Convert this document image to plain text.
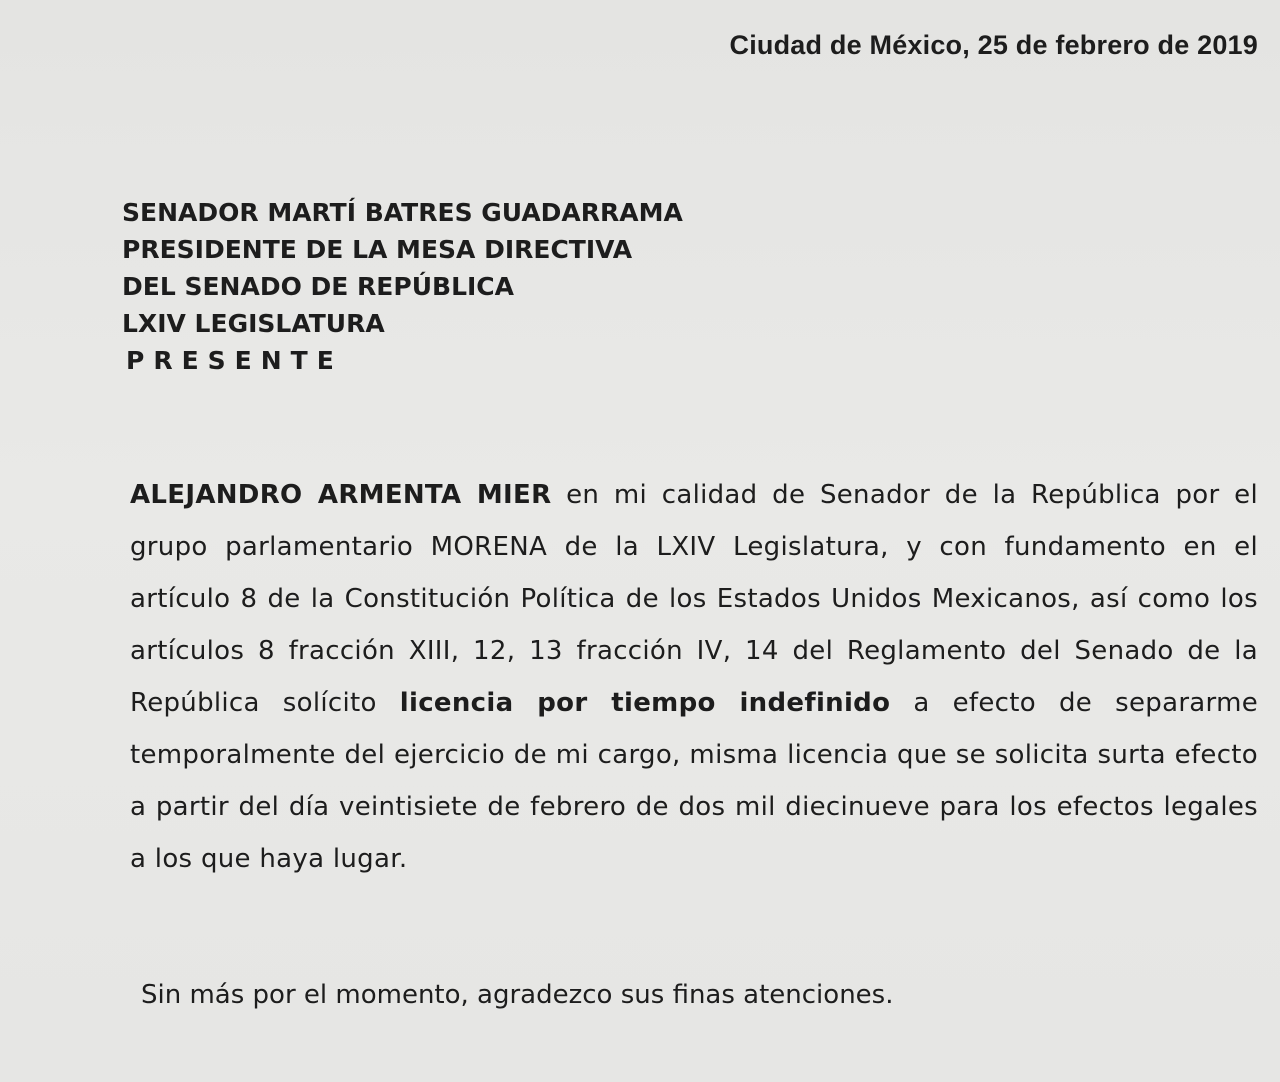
Ciudad de México, 25 de febrero de 2019
SENADOR MARTÍ BATRES GUADARRAMA
PRESIDENTE DE LA MESA DIRECTIVA
DEL SENADO DE REPÚBLICA
LXIV LEGISLATURA
PRESENTE
ALEJANDRO ARMENTA MIER en mi calidad de Senador de la República por el grupo parlamentario MORENA de la LXIV Legislatura, y con fundamento en el artículo 8 de la Constitución Política de los Estados Unidos Mexicanos, así como los artículos 8 fracción XIII, 12, 13 fracción IV, 14 del Reglamento del Senado de la República solícito licencia por tiempo indefinido a efecto de separarme temporalmente del ejercicio de mi cargo, misma licencia que se solicita surta efecto a partir del día veintisiete de febrero de dos mil diecinueve para los efectos legales a los que haya lugar.
Sin más por el momento, agradezco sus finas atenciones.
